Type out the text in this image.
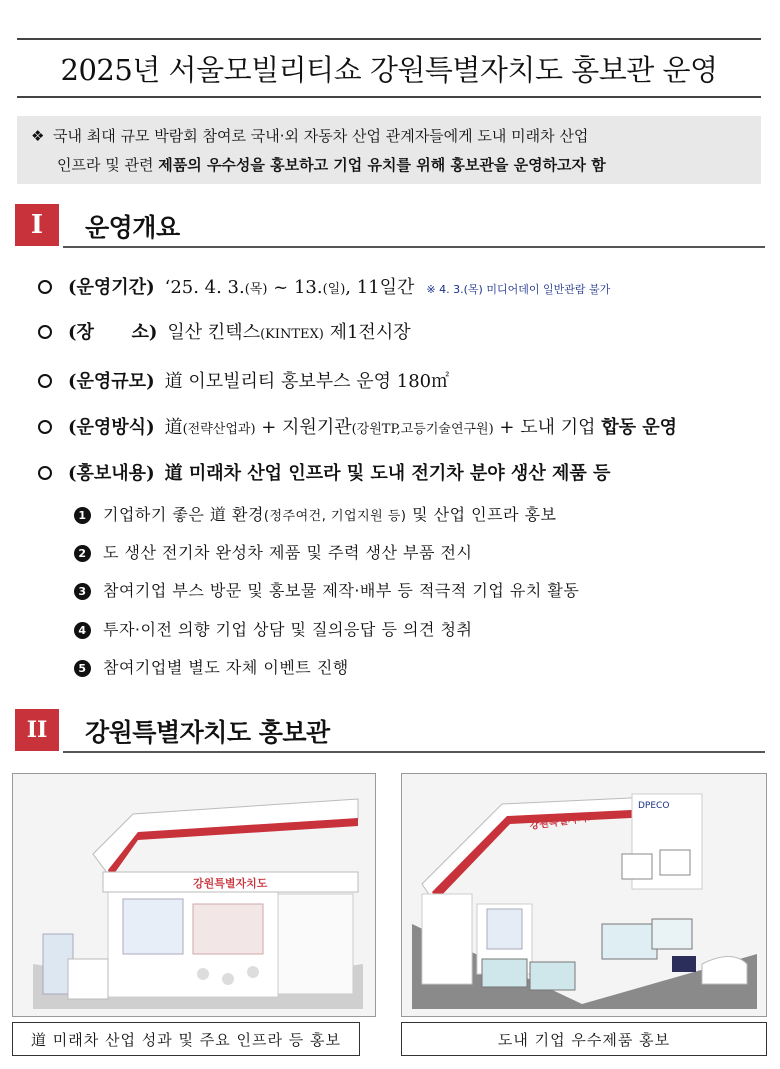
2025년 서울모빌리티쇼 강원특별자치도 홍보관 운영
❖ 국내 최대 규모 박람회 참여로 국내·외 자동차 산업 관계자들에게 도내 미래차 산업
인프라 및 관련 제품의 우수성을 홍보하고 기업 유치를 위해 홍보관을 운영하고자 함
I	운영개요
(운영기간) ‘25. 4. 3.(목) ~ 13.(일), 11일간 ※ 4. 3.(목) 미디어데이 일반관람 불가
(장      소) 일산 킨텍스(KINTEX) 제1전시장
(운영규모) 道 이모빌리티 홍보부스 운영 180㎡
(운영방식) 道(전략산업과) + 지원기관(강원TP,고등기술연구원) + 도내 기업 합동 운영
(홍보내용) 道 미래차 산업 인프라 및 도내 전기차 분야 생산 제품 등
1 기업하기 좋은 道 환경(정주여건, 기업지원 등) 및 산업 인프라 홍보
2 도 생산 전기차 완성차 제품 및 주력 생산 부품 전시
3 참여기업 부스 방문 및 홍보물 제작·배부 등 적극적 기업 유치 활동
4 투자·이전 의향 기업 상담 및 질의응답 등 의견 청취
5 참여기업별 별도 자체 이벤트 진행
II	강원특별자치도 홍보관
강원특별자치도
道 미래차 산업 성과 및 주요 인프라 등 홍보
DPECO
강원특별자치도
도내 기업 우수제품 홍보
